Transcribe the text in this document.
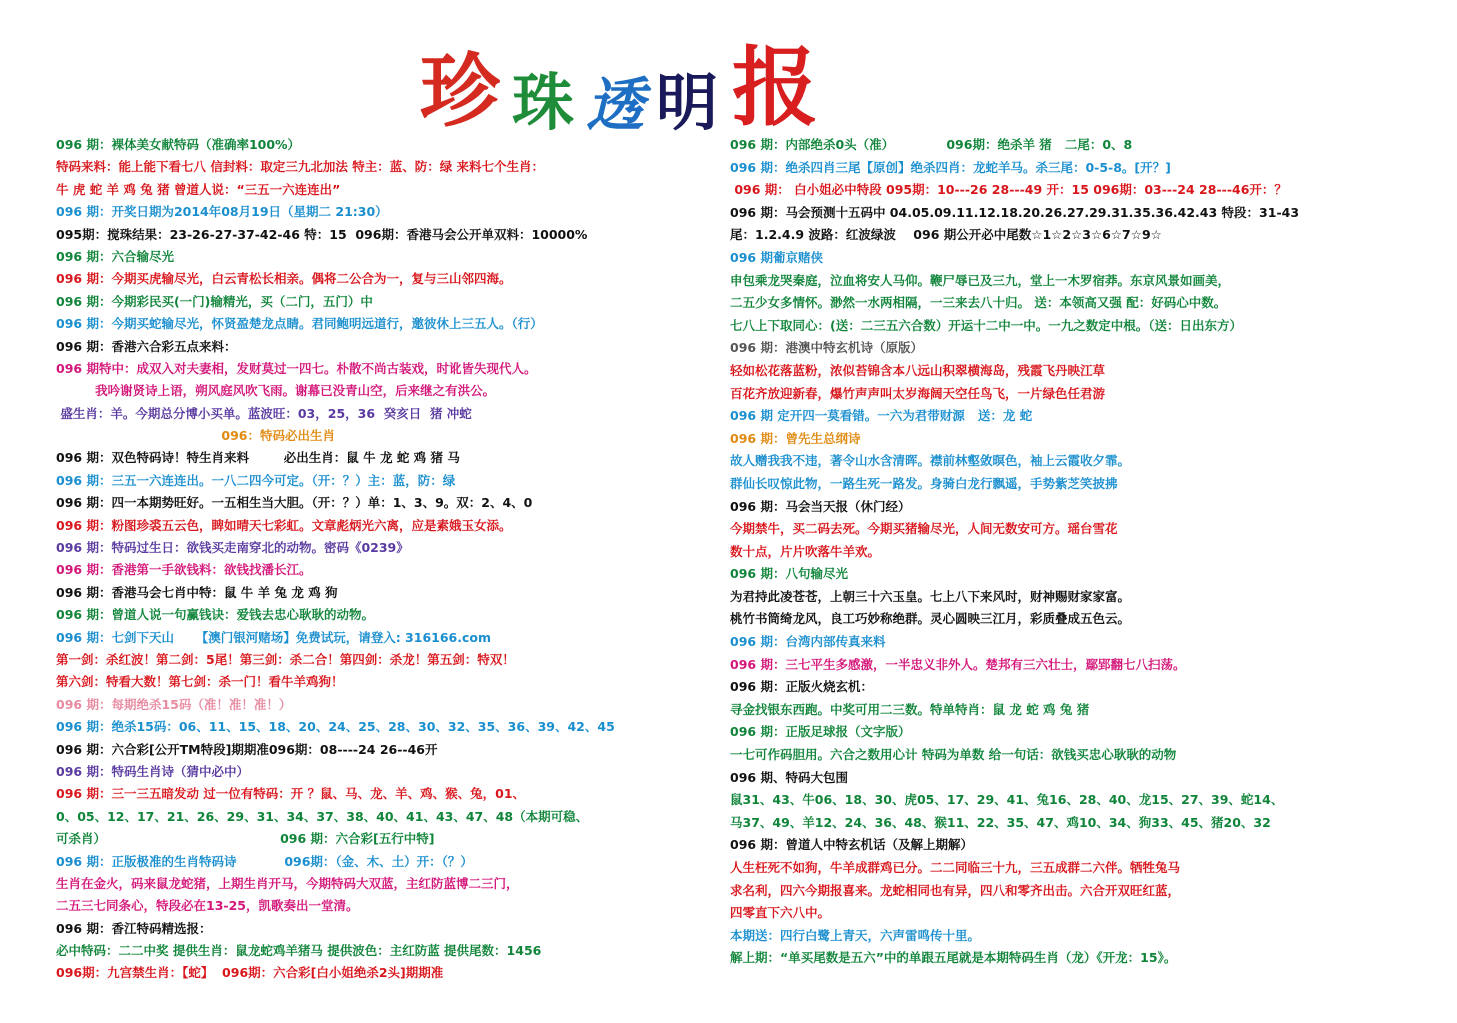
珍 珠 透 明 报
096 期：裸体美女献特码（准确率100%）
特码来料：能上能下看七八 信封料：取定三九北加法 特主：蓝、防：绿 来料七个生肖：
牛 虎 蛇 羊 鸡 兔 猪 曾道人说：“三五一六连连出”
096 期：开奖日期为2014年08月19日（星期二 21:30）
095期：搅珠结果：23-26-27-37-42-46 特：15  096期：香港马会公开单双料：10000%
096 期：六合输尽光
096 期：今期买虎输尽光，白云青松长相亲。偶将二公合为一，复与三山邻四海。
096 期：今期彩民买(一门)输精光，买（二门，五门）中
096 期：今期买蛇输尽光，怀贤盈楚龙点睛。君同鲍明远道行，邀彼休上三五人。（行）
096 期：香港六合彩五点来料：
096 期特中：成双入对夫妻相，发财莫过一四七。朴散不尚古装戏，时讹皆失现代人。
我吟谢贤诗上语，朔风庭风吹飞雨。谢幕已没青山空，后来继之有洪公。
盛生肖：羊。今期总分博小买单。蓝波旺：03，25，36  癸亥日  猪 冲蛇
096：特码必出生肖
096 期：双色特码诗！特生肖来料        必出生肖：鼠 牛 龙 蛇 鸡 猪 马
096 期：三五一六连连出。一八二四今可定。（开：？）主：蓝，防：绿
096 期：四一本期势旺好。一五相生当大胆。（开：？）单：1、3、9。双：2、4、0
096 期：粉图珍裘五云色，睥如晴天七彩虹。文章彪炳光六离，应是素娥玉女添。
096 期：特码过生日：欲钱买走南穿北的动物。密码《0239》
096 期：香港第一手欲钱料：欲钱找潘长江。
096 期：香港马会七肖中特：鼠 牛 羊 兔 龙 鸡 狗
096 期：曾道人说一句赢钱诀：爱钱去忠心耿耿的动物。
096 期：七剑下天山     【澳门银河赌场】免费试玩，请登入: 316166.com
第一剑：杀红波！第二剑：5尾！第三剑：杀二合！第四剑：杀龙！第五剑：特双！
第六剑：特看大数！第七剑：杀一门！看牛羊鸡狗！
096 期：每期绝杀15码（准！准！准！）
096 期：绝杀15码：06、11、15、18、20、24、25、28、30、32、35、36、39、42、45
096 期：六合彩[公开TM特段]期期准096期：08----24 26--46开
096 期：特码生肖诗（猜中必中）
096 期：三一三五暗发动 过一位有特码：开 ？鼠、马、龙、羊、鸡、猴、兔，01、
0、05、12、17、21、26、29、31、34、37、38、40、41、43、47、48（本期可稳、
可杀肖）                                        096 期：六合彩[五行中特]
096 期：正版极准的生肖特码诗           096期：（金、木、土）开：（？）
生肖在金火，码来鼠龙蛇猪，上期生肖开马，今期特码大双蓝，主红防蓝博二三门，
二五三七同条心，特段必在13-25，凯歌奏出一堂清。
096 期：香江特码精选报：
必中特码：二二中奖 提供生肖：鼠龙蛇鸡羊猪马 提供波色：主红防蓝 提供尾数：1456
096期：九宫禁生肖：【蛇】  096期：六合彩[白小姐绝杀2头]期期准
096 期：内部绝杀0头（准）            096期：绝杀羊 猪   二尾：0、8
096 期：绝杀四肖三尾【原创】绝杀四肖：龙蛇羊马。杀三尾：0-5-8。[开？]
096 期： 白小姐必中特段 095期：10---26 28---49 开：15 096期：03---24 28---46开：？
096 期：马会预测十五码中 04.05.09.11.12.18.20.26.27.29.31.35.36.42.43 特段：31-43
尾：1.2.4.9 波路：红波绿波    096 期公开必中尾数☆1☆2☆3☆6☆7☆9☆
096 期葡京赌侠
申包乘龙哭秦庭，泣血将安人马仰。鞭尸辱已及三九，堂上一木罗宿莽。东京风景如画美，
二五少女多情怀。渺然一水两相隔，一三来去八十归。 送：本领高又强 配：好码心中数。
七八上下取同心：(送：二三五六合数）开运十二中一中。一九之数定中根。（送：日出东方）
096 期：港澳中特玄机诗（原版）
轻如松花落蓝粉，浓似苔锦含本八远山积翠横海岛，残霞飞丹映江草
百花齐放迎新春，爆竹声声叫太岁海阔天空任鸟飞，一片绿色任君游
096 期 定开四一莫看错。一六为君带财源   送：龙 蛇
096 期：曾先生总纲诗
故人赠我我不违，著令山水含清晖。襟前林壑敛暝色，袖上云霞收夕霏。
群仙长叹惊此物，一路生死一路发。身骑白龙行飘遥，手势紫芝笑披拂
096 期：马会当天报（休门经）
今期禁牛，买二码去死。今期买猪输尽光，人间无数安可方。瑶台雪花
数十点，片片吹落牛羊欢。
096 期：八句输尽光
为君持此凌苍苍，上朝三十六玉皇。七上八下来风时，财神赐财家家富。
桃竹书筒绮龙风，良工巧妙称绝群。灵心圆映三江月，彩质叠成五色云。
096 期：台湾内部传真来料
096 期：三七平生多感激，一半忠义非外人。楚邦有三六壮士，鄢郢翻七八扫荡。
096 期：正版火烧玄机：
寻金找银东西跑。中奖可用二三数。特单特肖：鼠 龙 蛇 鸡 兔 猪
096 期：正版足球报（文字版）
一七可作码胆用。六合之数用心计 特码为单数 给一句话：欲钱买忠心耿耿的动物
096 期、特码大包围
鼠31、43、牛06、18、30、虎05、17、29、41、兔16、28、40、龙15、27、39、蛇14、
马37、49、羊12、24、36、48、猴11、22、35、47、鸡10、34、狗33、45、猪20、32
096 期：曾道人中特玄机话（及解上期解）
人生枉死不如狗，牛羊成群鸡已分。二二同临三十九，三五成群二六伴。牺牲兔马
求名利，四六今期报喜来。龙蛇相同也有异，四八和零齐出击。六合开双旺红蓝，
四零直下六八中。
本期送：四行白鹭上青天，六声雷鸣传十里。
解上期：“单买尾数是五六”中的单跟五尾就是本期特码生肖（龙）《开龙：15》。
